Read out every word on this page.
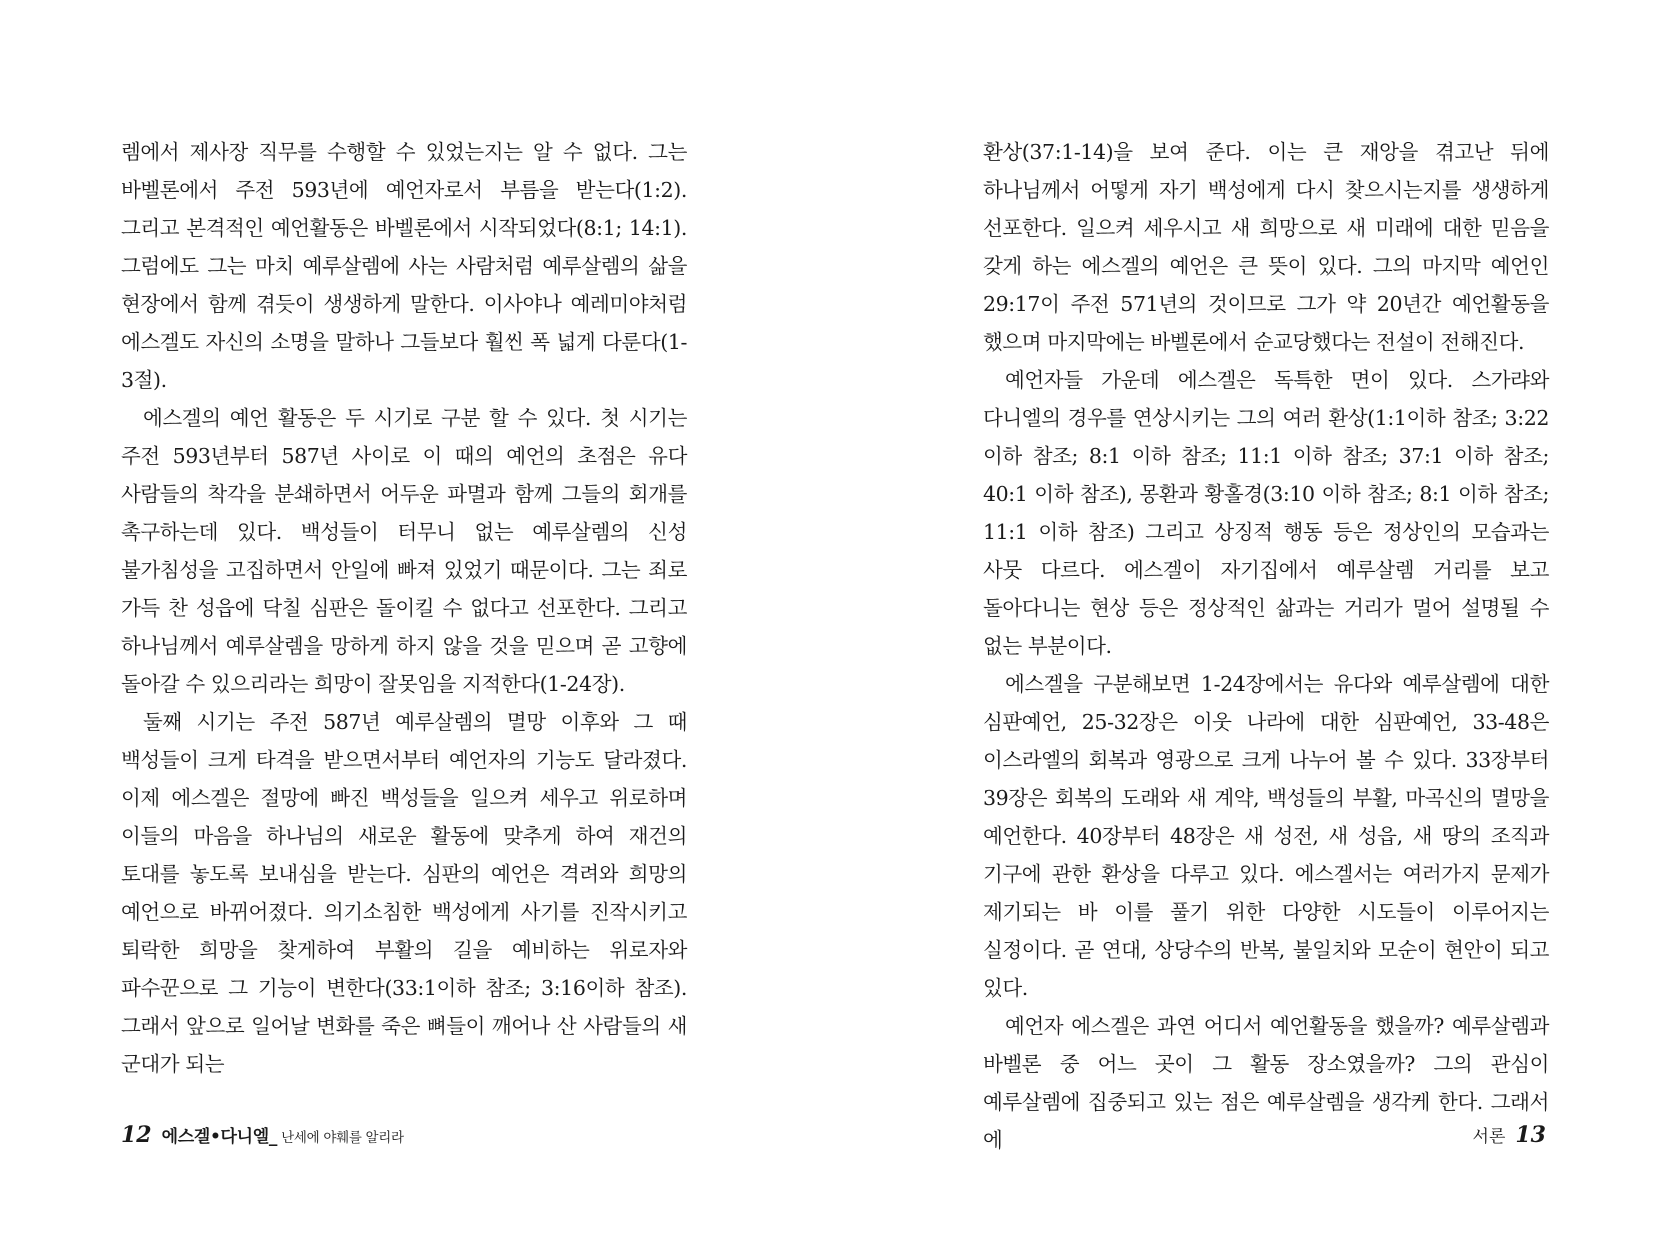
렘에서 제사장 직무를 수행할 수 있었는지는 알 수 없다. 그는 바벨론에서 주전 593년에 예언자로서 부름을 받는다(1:2). 그리고 본격적인 예언활동은 바벨론에서 시작되었다(8:1; 14:1). 그럼에도 그는 마치 예루살렘에 사는 사람처럼 예루살렘의 삶을 현장에서 함께 겪듯이 생생하게 말한다. 이사야나 예레미야처럼 에스겔도 자신의 소명을 말하나 그들보다 훨씬 폭 넓게 다룬다(1-3절).

에스겔의 예언 활동은 두 시기로 구분 할 수 있다. 첫 시기는 주전 593년부터 587년 사이로 이 때의 예언의 초점은 유다 사람들의 착각을 분쇄하면서 어두운 파멸과 함께 그들의 회개를 촉구하는데 있다. 백성들이 터무니 없는 예루살렘의 신성 불가침성을 고집하면서 안일에 빠져 있었기 때문이다. 그는 죄로 가득 찬 성읍에 닥칠 심판은 돌이킬 수 없다고 선포한다. 그리고 하나님께서 예루살렘을 망하게 하지 않을 것을 믿으며 곧 고향에 돌아갈 수 있으리라는 희망이 잘못임을 지적한다(1-24장).

둘째 시기는 주전 587년 예루살렘의 멸망 이후와 그 때 백성들이 크게 타격을 받으면서부터 예언자의 기능도 달라졌다. 이제 에스겔은 절망에 빠진 백성들을 일으켜 세우고 위로하며 이들의 마음을 하나님의 새로운 활동에 맞추게 하여 재건의 토대를 놓도록 보내심을 받는다. 심판의 예언은 격려와 희망의 예언으로 바뀌어졌다. 의기소침한 백성에게 사기를 진작시키고 퇴락한 희망을 찾게하여 부활의 길을 예비하는 위로자와 파수꾼으로 그 기능이 변한다(33:1이하 참조; 3:16이하 참조). 그래서 앞으로 일어날 변화를 죽은 뼈들이 깨어나 산 사람들의 새 군대가 되는

환상(37:1-14)을 보여 준다. 이는 큰 재앙을 겪고난 뒤에 하나님께서 어떻게 자기 백성에게 다시 찾으시는지를 생생하게 선포한다. 일으켜 세우시고 새 희망으로 새 미래에 대한 믿음을 갖게 하는 에스겔의 예언은 큰 뜻이 있다. 그의 마지막 예언인 29:17이 주전 571년의 것이므로 그가 약 20년간 예언활동을 했으며 마지막에는 바벨론에서 순교당했다는 전설이 전해진다.

예언자들 가운데 에스겔은 독특한 면이 있다. 스가랴와 다니엘의 경우를 연상시키는 그의 여러 환상(1:1이하 참조; 3:22 이하 참조; 8:1 이하 참조; 11:1 이하 참조; 37:1 이하 참조; 40:1 이하 참조), 몽환과 황홀경(3:10 이하 참조; 8:1 이하 참조; 11:1 이하 참조) 그리고 상징적 행동 등은 정상인의 모습과는 사뭇 다르다. 에스겔이 자기집에서 예루살렘 거리를 보고 돌아다니는 현상 등은 정상적인 삶과는 거리가 멀어 설명될 수 없는 부분이다.

에스겔을 구분해보면 1-24장에서는 유다와 예루살렘에 대한 심판예언, 25-32장은 이웃 나라에 대한 심판예언, 33-48은 이스라엘의 회복과 영광으로 크게 나누어 볼 수 있다. 33장부터 39장은 회복의 도래와 새 계약, 백성들의 부활, 마곡신의 멸망을 예언한다. 40장부터 48장은 새 성전, 새 성읍, 새 땅의 조직과 기구에 관한 환상을 다루고 있다. 에스겔서는 여러가지 문제가 제기되는 바 이를 풀기 위한 다양한 시도들이 이루어지는 실정이다. 곧 연대, 상당수의 반복, 불일치와 모순이 현안이 되고 있다.

예언자 에스겔은 과연 어디서 예언활동을 했을까? 예루살렘과 바벨론 중 어느 곳이 그 활동 장소였을까? 그의 관심이 예루살렘에 집중되고 있는 점은 예루살렘을 생각케 한다. 그래서 에

12 에스겔•다니엘_ 난세에 야훼를 알리라	서론 13
